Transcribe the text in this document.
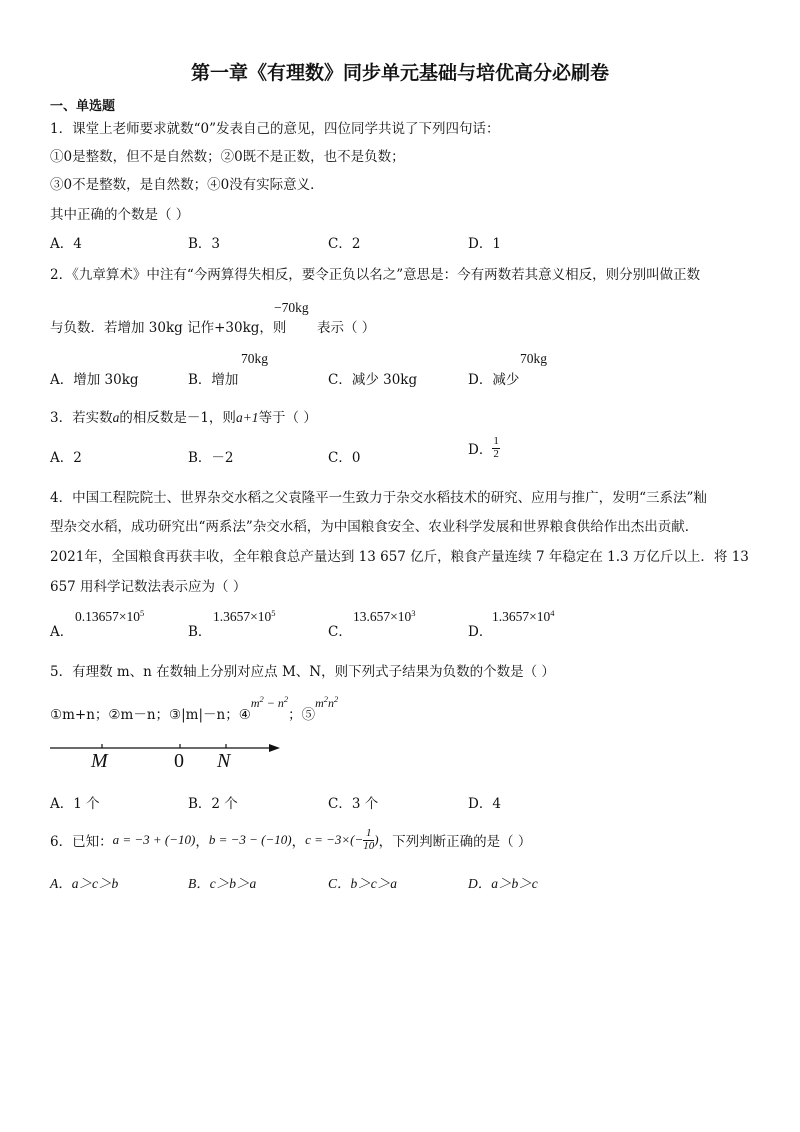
第一章《有理数》同步单元基础与培优高分必刷卷
一、单选题
1．课堂上老师要求就数“0”发表自己的意见，四位同学共说了下列四句话：
①0是整数，但不是自然数；②0既不是正数，也不是负数；
③0不是整数，是自然数；④0没有实际意义．
其中正确的个数是（ ）
A．4	B．3	C．2	D．1
2．《九章算术》中注有“今两算得失相反，要令正负以名之”意思是：今有两数若其意义相反，则分别叫做正数
与负数．若增加 30kg 记作+30kg，则
−70kg
表示（ ）
A．增加 30kg	B．增加
70kg
C．减少 30kg	D．减少
70kg
3．若实数a的相反数是－1，则a+1等于（ ）
A．2	B．－2	C．0	D． $\frac{1}{2}$
4．中国工程院院士、世界杂交水稻之父袁隆平一生致力于杂交水稻技术的研究、应用与推广，发明“三系法”籼
型杂交水稻，成功研究出“两系法”杂交水稻，为中国粮食安全、农业科学发展和世界粮食供给作出杰出贡献．
2021年，全国粮食再获丰收，全年粮食总产量达到 13 657 亿斤，粮食产量连续 7 年稳定在 1.3 万亿斤以上．将 13
657 用科学记数法表示应为（ ）
A．
$0.13657\times 10^5$
B．
$1.3657\times 10^5$
C．
$13.657\times 10^3$
D．
$1.3657\times 10^4$
5．有理数 m、n 在数轴上分别对应点 M、N，则下列式子结果为负数的个数是（ ）
①m+n；②m－n；③|m|－n；$④m^2 - n^2$；$⑤m^2n^2$
M	0 N
A．1 个	B．2 个	C．3 个	D．4
6．已知：a = −3 + (−10)，b = −3 − (−10)，$c = -3\times(- \frac{1}{10}$ )，下列判断正确的是（ ）
A．a＞c＞b	B．c＞b＞a	C．b＞c＞a	D．a＞b＞c
